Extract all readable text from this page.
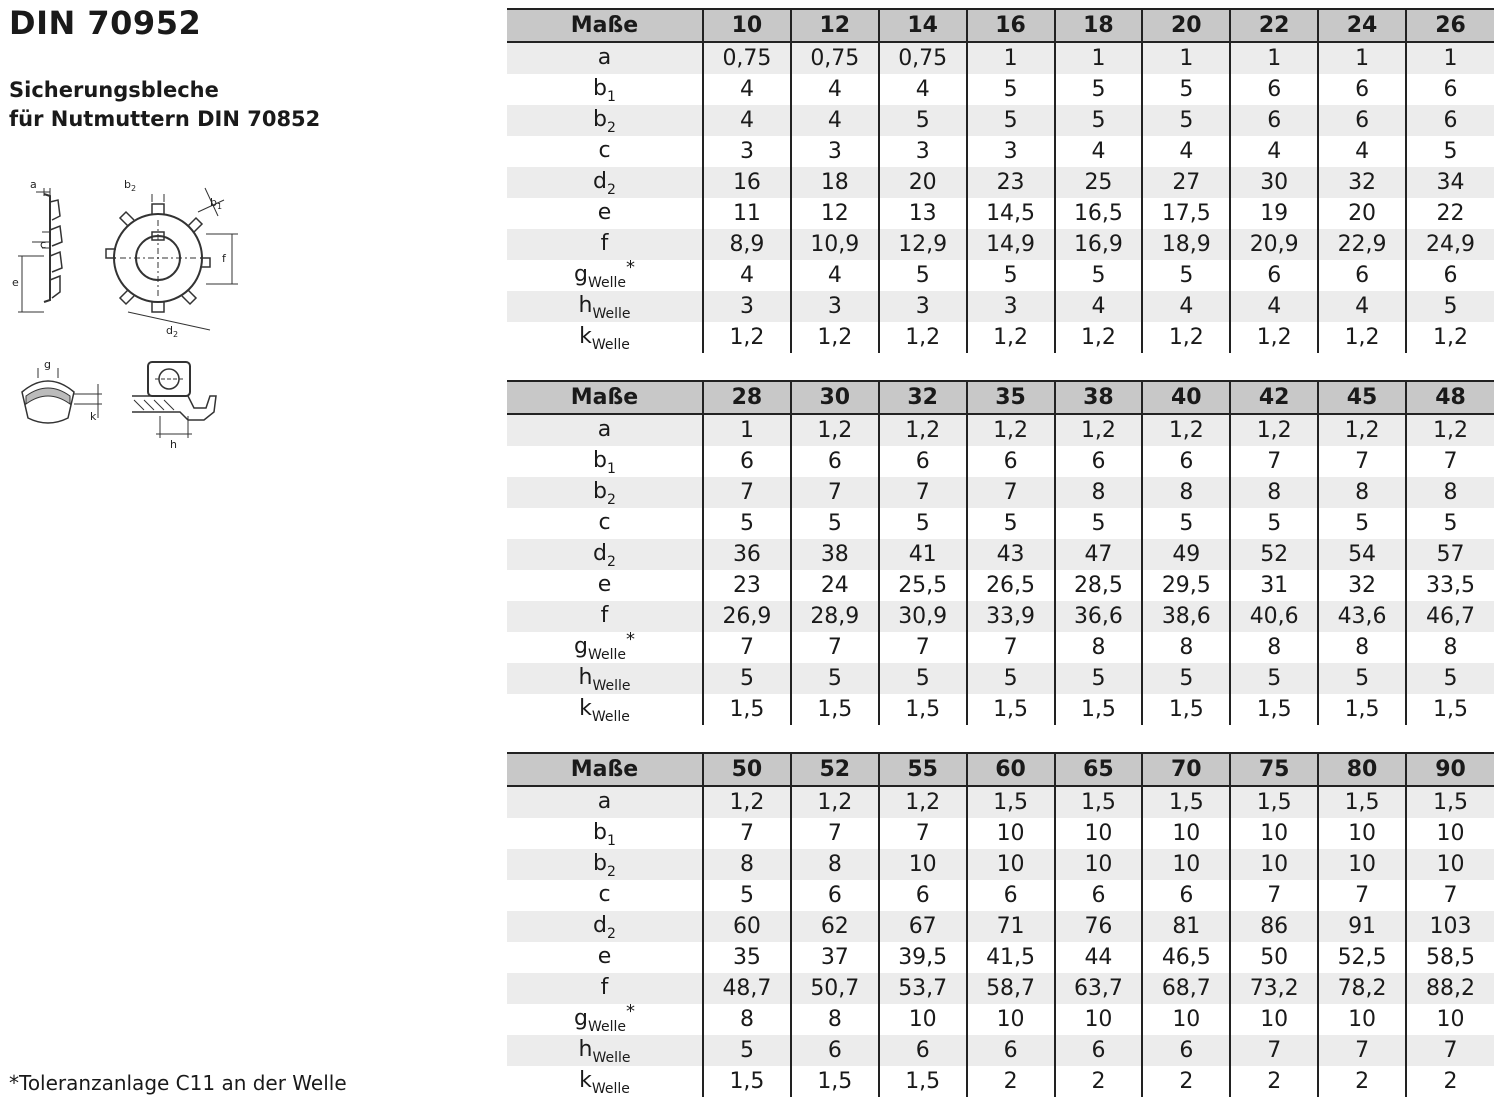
DIN 70952
Sicherungsbleche
für Nutmuttern DIN 70852
a
c
e
$b_2$
$b_1$
f
$d_2$
g
k
h
Maße	10	12	14	16	18	20	22	24	26
a	0,75	0,75	0,75	1	1	1	1	1	1
$b_1$	4	4	4	5	5	5	6	6	6
$b_2$	4	4	5	5	5	5	6	6	6
c	3	3	3	3	4	4	4	4	5
$d_2$	16	18	20	23	25	27	30	32	34
e	11	12	13	14,5	16,5	17,5	19	20	22
f	8,9	10,9	12,9	14,9	16,9	18,9	20,9	22,9	24,9
$g_{Welle}^*$	4	4	5	5	5	5	6	6	6
$h_{Welle}$	3	3	3	3	4	4	4	4	5
$k_{Welle}$	1,2	1,2	1,2	1,2	1,2	1,2	1,2	1,2	1,2
Maße	28	30	32	35	38	40	42	45	48
a	1	1,2	1,2	1,2	1,2	1,2	1,2	1,2	1,2
$b_1$	6	6	6	6	6	6	7	7	7
$b_2$	7	7	7	7	8	8	8	8	8
c	5	5	5	5	5	5	5	5	5
$d_2$	36	38	41	43	47	49	52	54	57
e	23	24	25,5	26,5	28,5	29,5	31	32	33,5
f	26,9	28,9	30,9	33,9	36,6	38,6	40,6	43,6	46,7
$g_{Welle}^*$	7	7	7	7	8	8	8	8	8
$h_{Welle}$	5	5	5	5	5	5	5	5	5
$k_{Welle}$	1,5	1,5	1,5	1,5	1,5	1,5	1,5	1,5	1,5
Maße	50	52	55	60	65	70	75	80	90
a	1,2	1,2	1,2	1,5	1,5	1,5	1,5	1,5	1,5
$b_1$	7	7	7	10	10	10	10	10	10
$b_2$	8	8	10	10	10	10	10	10	10
c	5	6	6	6	6	6	7	7	7
$d_2$	60	62	67	71	76	81	86	91	103
e	35	37	39,5	41,5	44	46,5	50	52,5	58,5
f	48,7	50,7	53,7	58,7	63,7	68,7	73,2	78,2	88,2
$g_{Welle}^*$	8	8	10	10	10	10	10	10	10
$h_{Welle}$	5	6	6	6	6	6	7	7	7
$k_{Welle}$	1,5	1,5	1,5	2	2	2	2	2	2
*Toleranzanlage C11 an der Welle
